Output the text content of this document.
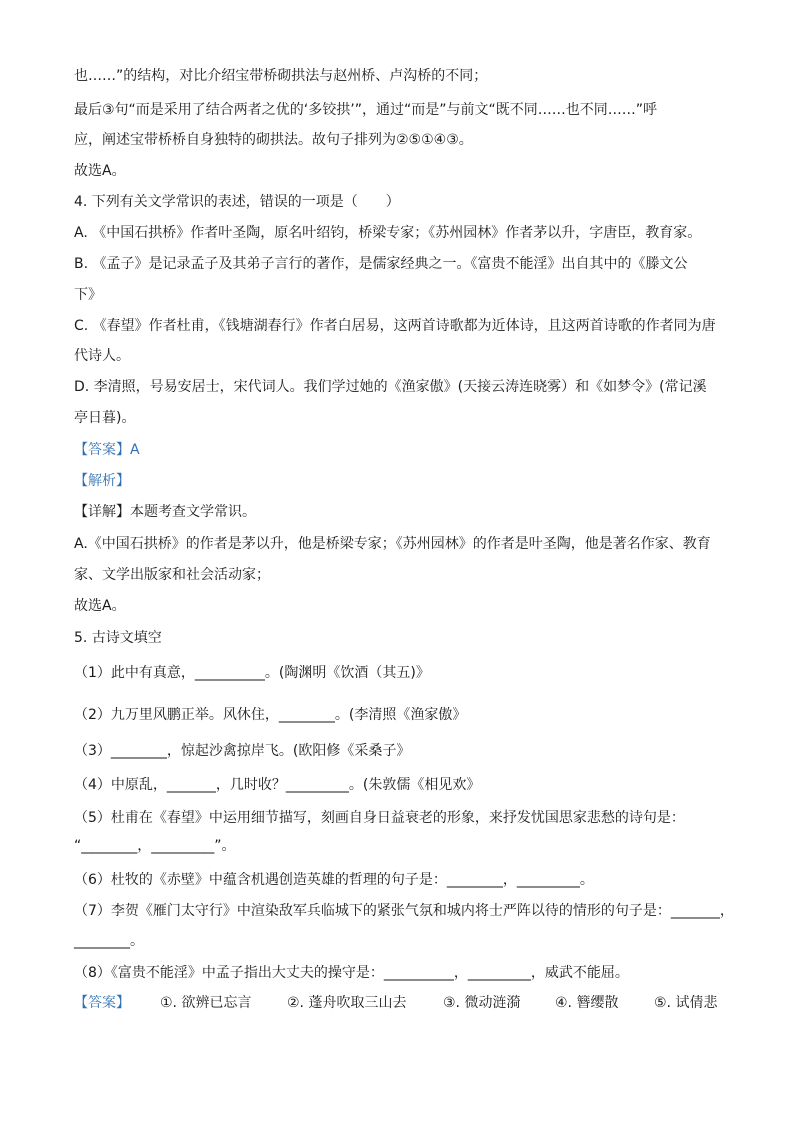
也……”的结构，对比介绍宝带桥砌拱法与赵州桥、卢沟桥的不同；
最后③句“而是采用了结合两者之优的‘多铰拱’”，通过“而是”与前文“既不同……也不同……”呼
应，阐述宝带桥桥自身独特的砌拱法。故句子排列为②⑤①④③。
故选A。
4. 下列有关文学常识的表述，错误的一项是（　　）
A. 《中国石拱桥》作者叶圣陶，原名叶绍钧，桥梁专家；《苏州园林》作者茅以升，字唐臣，教育家。
B. 《孟子》是记录孟子及其弟子言行的著作，是儒家经典之一。《富贵不能淫》出自其中的《滕文公
下》
C. 《春望》作者杜甫，《钱塘湖春行》作者白居易，这两首诗歌都为近体诗，且这两首诗歌的作者同为唐
代诗人。
D. 李清照，号易安居士，宋代词人。我们学过她的《渔家傲》(天接云涛连晓雾）和《如梦令》(常记溪
亭日暮)。
【答案】A
【解析】
【详解】本题考查文学常识。
A.《中国石拱桥》的作者是茅以升，他是桥梁专家；《苏州园林》的作者是叶圣陶，他是著名作家、教育
家、文学出版家和社会活动家；
故选A。
5. 古诗文填空
（1）此中有真意，__________。(陶渊明《饮酒（其五)》
（2）九万里风鹏正举。风休住，________。(李清照《渔家傲》
（3）________，惊起沙禽掠岸飞。(欧阳修《采桑子》
（4）中原乱，_______，几时收？_________。(朱敦儒《相见欢》
（5）杜甫在《春望》中运用细节描写，刻画自身日益衰老的形象，来抒发忧国思家悲愁的诗句是：
“________，_________”。
（6）杜牧的《赤壁》中蕴含机遇创造英雄的哲理的句子是：________，_________。
（7）李贺《雁门太守行》中渲染敌军兵临城下的紧张气氛和城内将士严阵以待的情形的句子是：_______，
________。
（8）《富贵不能淫》中孟子指出大丈夫的操守是：__________，_________，威武不能屈。
【答案】 ①. 欲辨已忘言	②. 蓬舟吹取三山去	③. 微动涟漪 ④. 簪缨散	⑤. 试倩悲
